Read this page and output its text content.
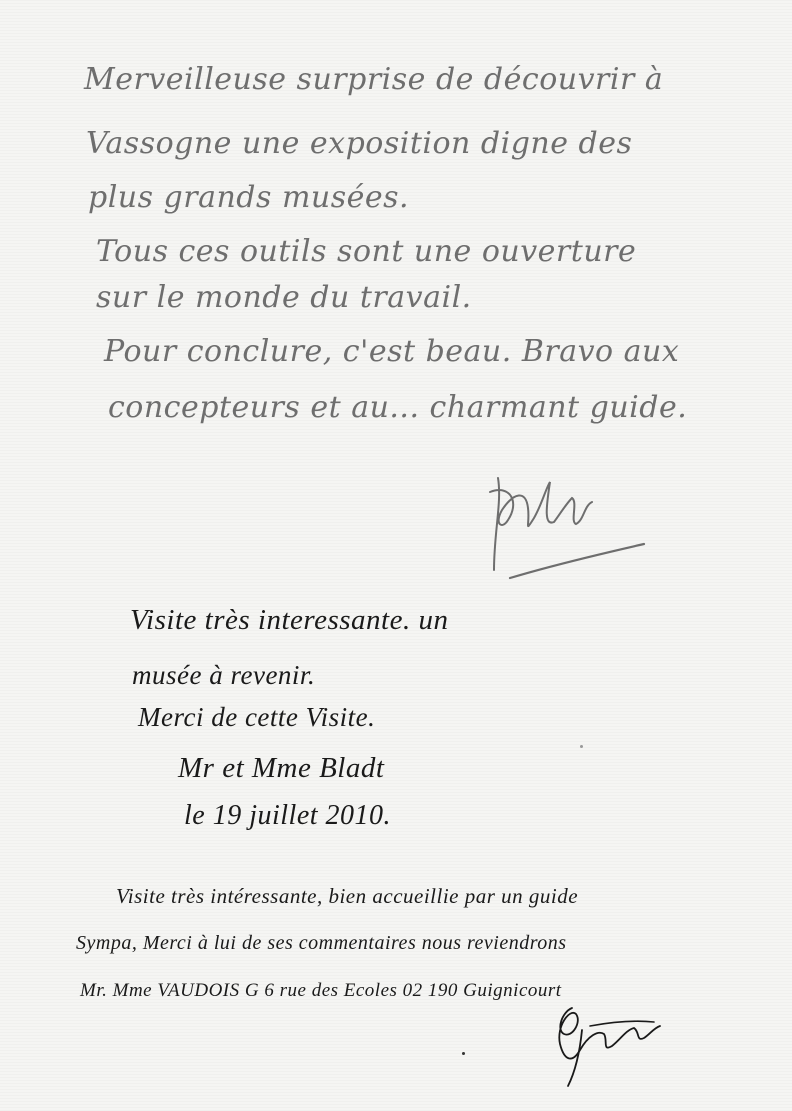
Merveilleuse surprise de découvrir à

Vassogne une exposition digne des

plus grands musées.

Tous ces outils sont une ouverture

sur le monde du travail.

Pour conclure, c'est beau. Bravo aux

concepteurs et au... charmant guide.

Visite très interessante. un

musée à revenir.

Merci de cette Visite.

Mr et Mme Bladt

le 19 juillet 2010.

Visite très intéressante, bien accueillie par un guide

Sympa, Merci à lui de ses commentaires nous reviendrons

Mr. Mme VAUDOIS G 6 rue des Ecoles 02 190 Guignicourt
